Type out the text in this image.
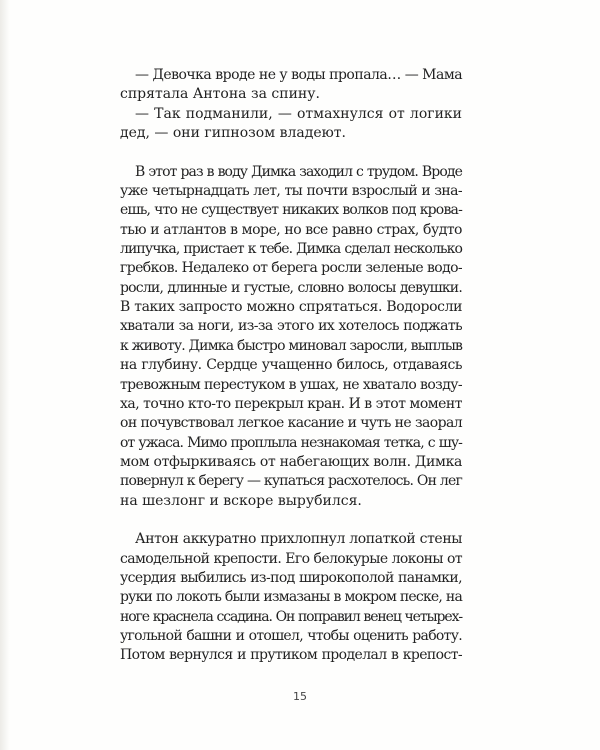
— Девочка вроде не у воды пропала… — Мама
спрятала Антона за спину.
— Так подманили, — отмахнулся от логики
дед, — они гипнозом владеют.
В этот раз в воду Димка заходил с трудом. Вроде
уже четырнадцать лет, ты почти взрослый и зна-
ешь, что не существует никаких волков под крова-
тью и атлантов в море, но все равно страх, будто
липучка, пристает к тебе. Димка сделал несколько
гребков. Недалеко от берега росли зеленые водо-
росли, длинные и густые, словно волосы девушки.
В таких запросто можно спрятаться. Водоросли
хватали за ноги, из-за этого их хотелось поджать
к животу. Димка быстро миновал заросли, выплыв
на глубину. Сердце учащенно билось, отдаваясь
тревожным перестуком в ушах, не хватало возду-
ха, точно кто-то перекрыл кран. И в этот момент
он почувствовал легкое касание и чуть не заорал
от ужаса. Мимо проплыла незнакомая тетка, с шу-
мом отфыркиваясь от набегающих волн. Димка
повернул к берегу — купаться расхотелось. Он лег
на шезлонг и вскоре вырубился.
Антон аккуратно прихлопнул лопаткой стены
самодельной крепости. Его белокурые локоны от
усердия выбились из-под широкополой панамки,
руки по локоть были измазаны в мокром песке, на
ноге краснела ссадина. Он поправил венец четырех-
угольной башни и отошел, чтобы оценить работу.
Потом вернулся и прутиком проделал в крепост-
15
